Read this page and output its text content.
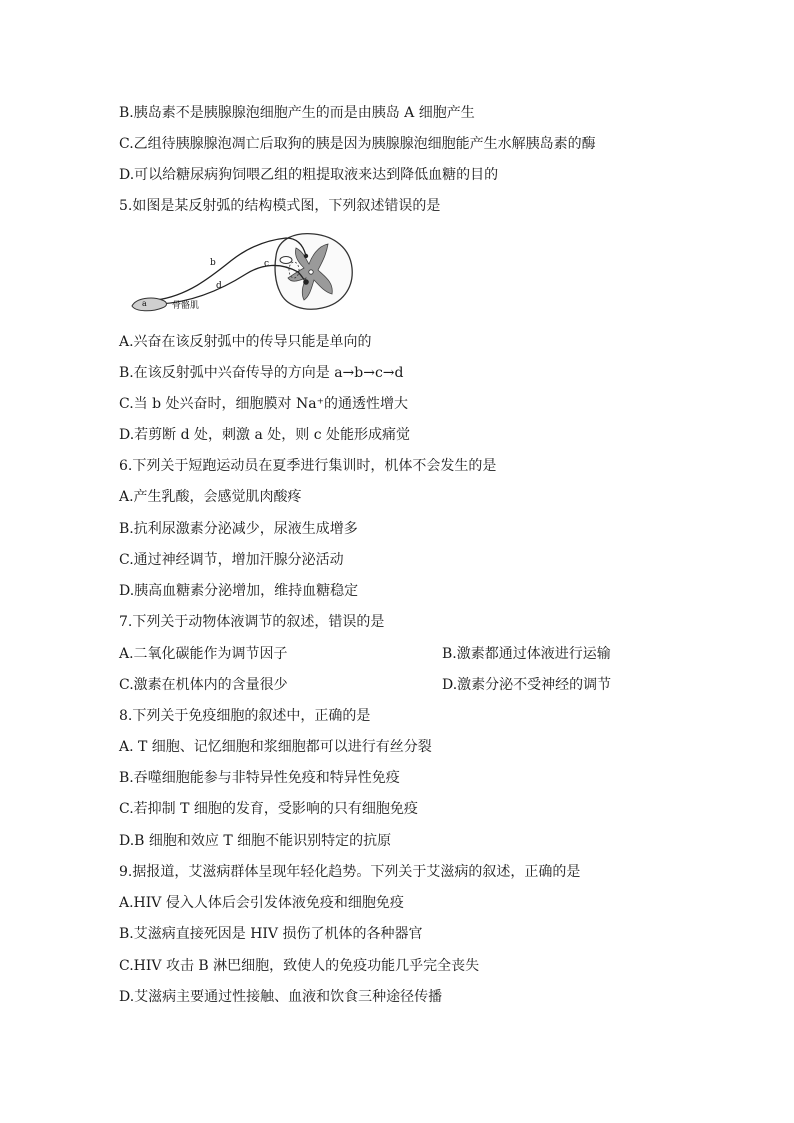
B.胰岛素不是胰腺腺泡细胞产生的而是由胰岛 A 细胞产生
C.乙组待胰腺腺泡凋亡后取狗的胰是因为胰腺腺泡细胞能产生水解胰岛素的酶
D.可以给糖尿病狗饲喂乙组的粗提取液来达到降低血糖的目的
5.如图是某反射弧的结构模式图，下列叙述错误的是
a
b	c
d
骨骼肌
A.兴奋在该反射弧中的传导只能是单向的
B.在该反射弧中兴奋传导的方向是 a→b→c→d
C.当 b 处兴奋时，细胞膜对 Na⁺的通透性增大
D.若剪断 d 处，刺激 a 处，则 c 处能形成痛觉
6.下列关于短跑运动员在夏季进行集训时，机体不会发生的是
A.产生乳酸，会感觉肌肉酸疼
B.抗利尿激素分泌减少，尿液生成增多
C.通过神经调节，增加汗腺分泌活动
D.胰高血糖素分泌增加，维持血糖稳定
7.下列关于动物体液调节的叙述，错误的是
A.二氧化碳能作为调节因子	B.激素都通过体液进行运输
C.激素在机体内的含量很少	D.激素分泌不受神经的调节
8.下列关于免疫细胞的叙述中，正确的是
A. T 细胞、记忆细胞和浆细胞都可以进行有丝分裂
B.吞噬细胞能参与非特异性免疫和特异性免疫
C.若抑制 T 细胞的发育，受影响的只有细胞免疫
D.B 细胞和效应 T 细胞不能识别特定的抗原
9.据报道，艾滋病群体呈现年轻化趋势。下列关于艾滋病的叙述，正确的是
A.HIV 侵入人体后会引发体液免疫和细胞免疫
B.艾滋病直接死因是 HIV 损伤了机体的各种器官
C.HIV 攻击 B 淋巴细胞，致使人的免疫功能几乎完全丧失
D.艾滋病主要通过性接触、血液和饮食三种途径传播
